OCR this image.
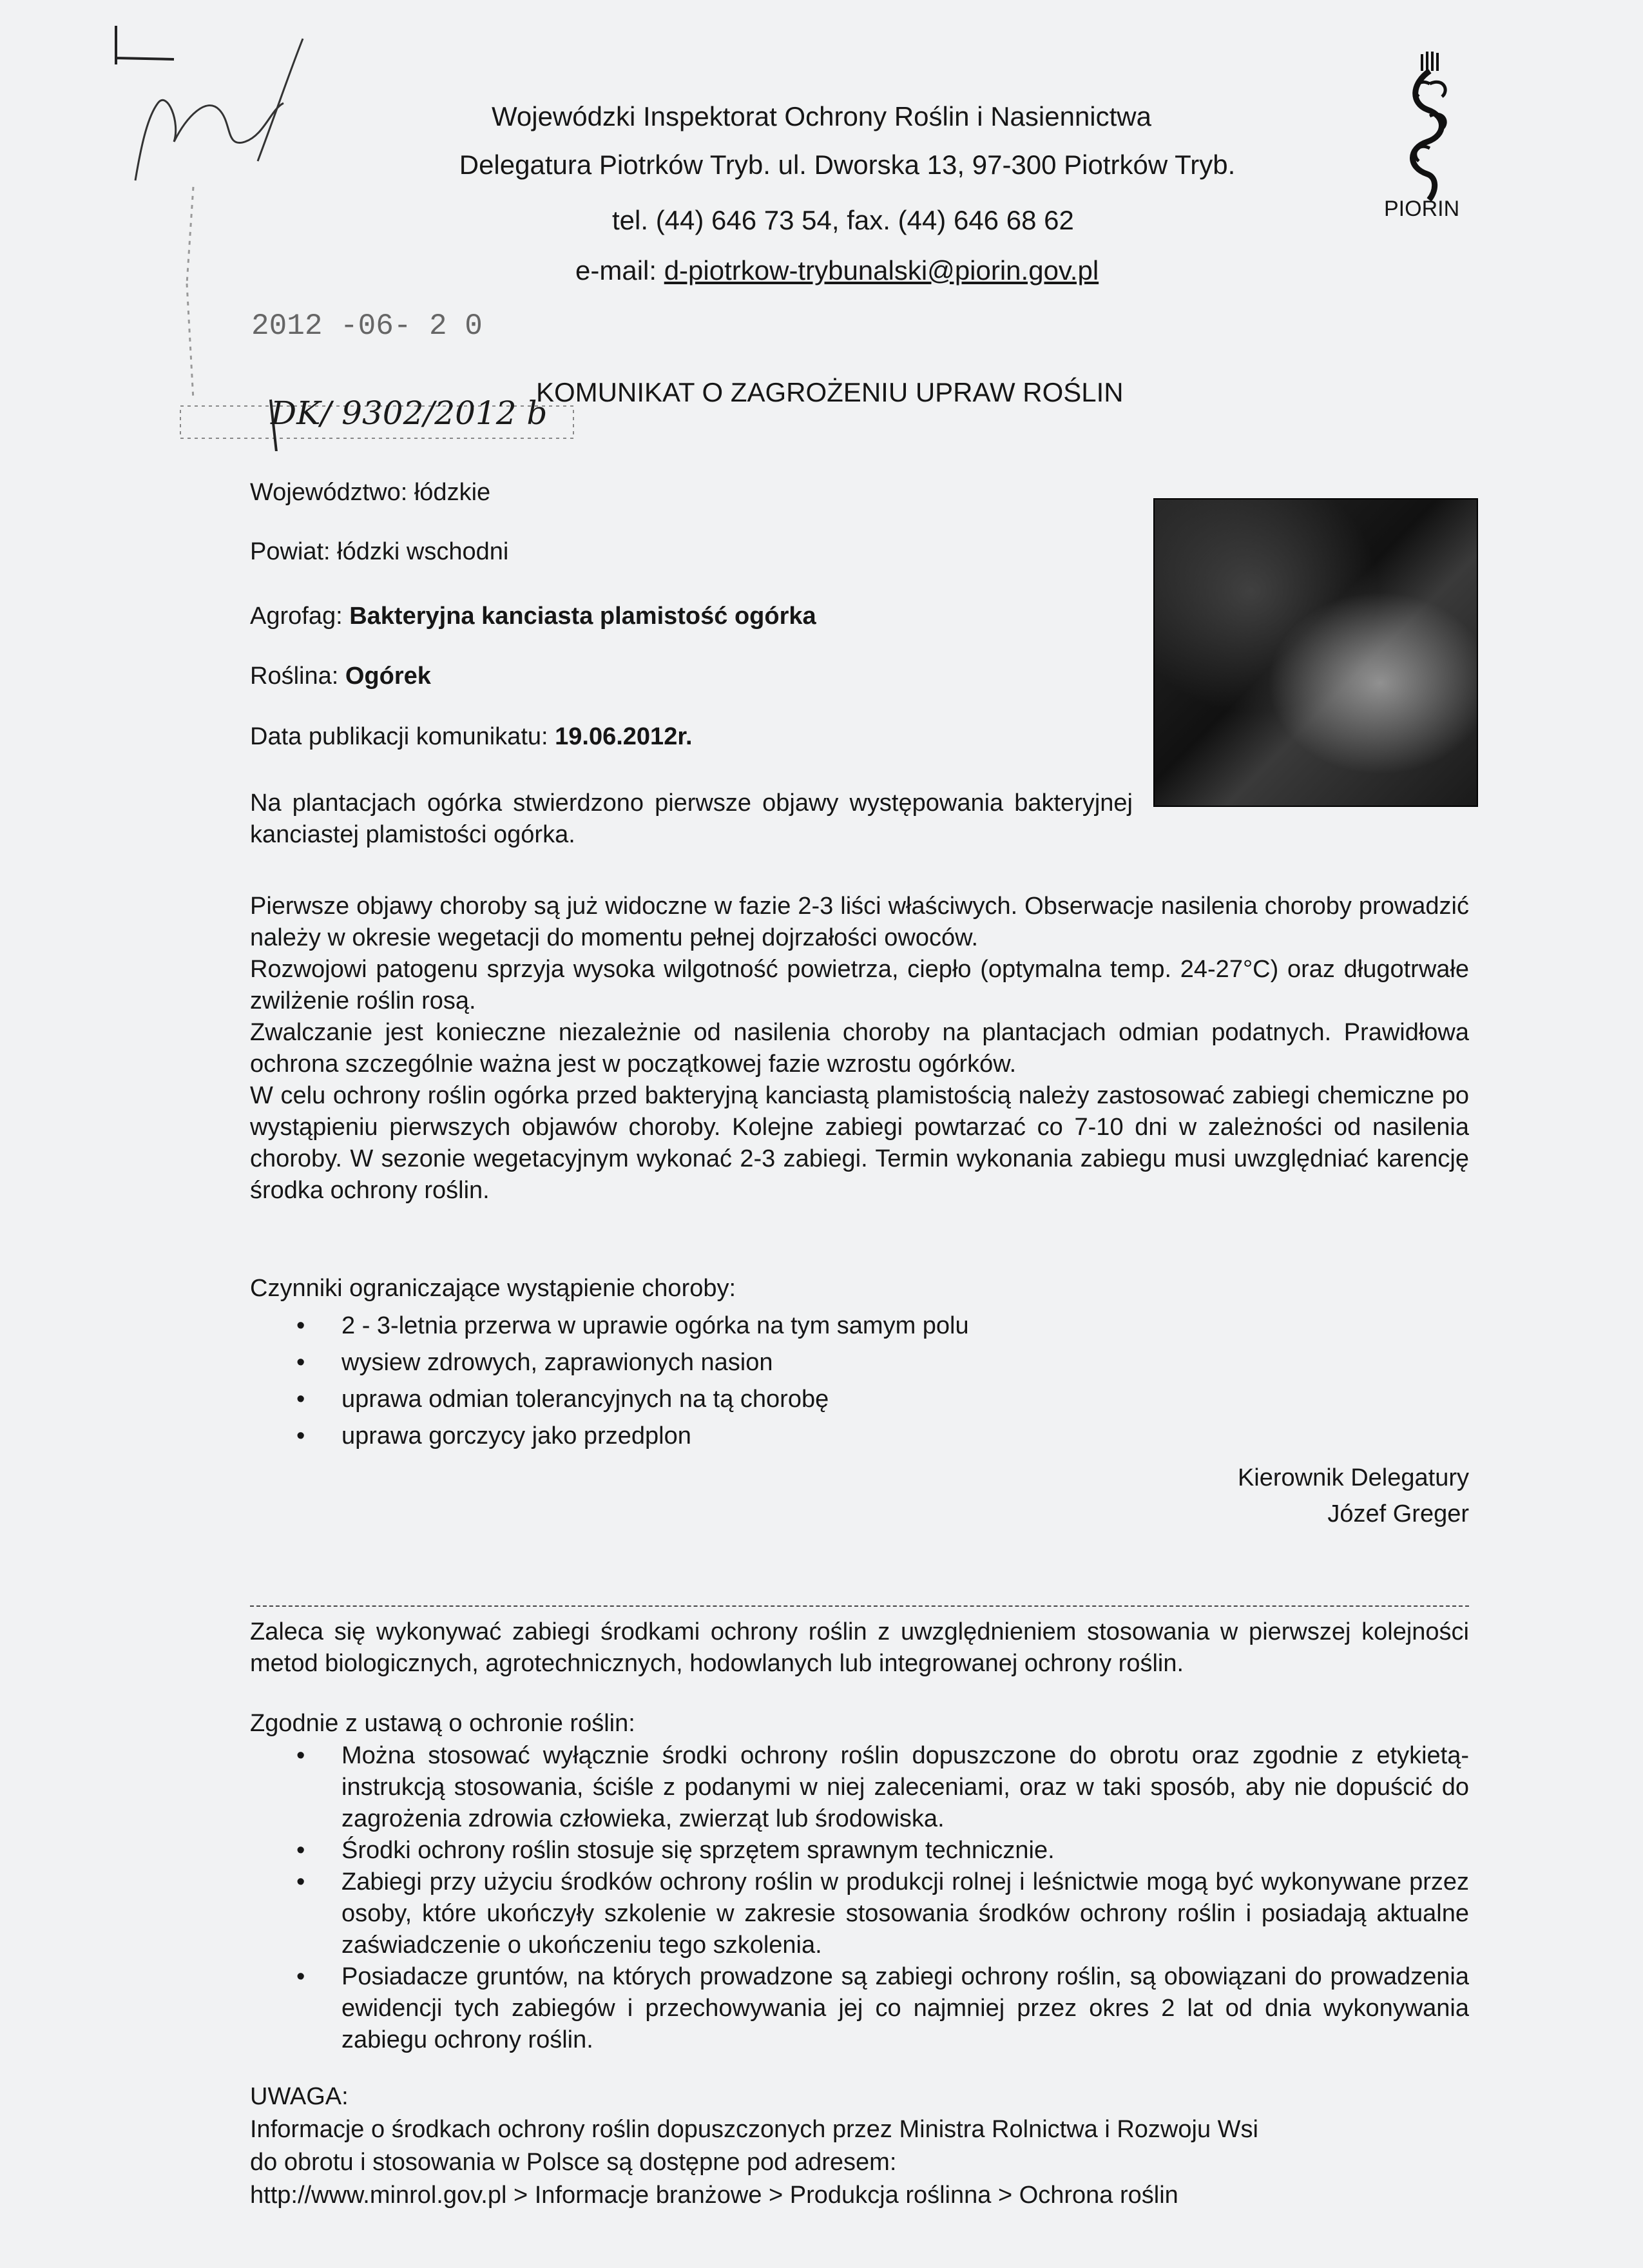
2012 -06- 2 0
DK/ 9302/2012 b
Wojewódzki Inspektorat Ochrony Roślin i Nasiennictwa
Delegatura Piotrków Tryb. ul. Dworska 13, 97-300 Piotrków Tryb.
tel. (44) 646 73 54, fax. (44) 646 68 62
e-mail: d-piotrkow-trybunalski@piorin.gov.pl
PIORIN
KOMUNIKAT O ZAGROŻENIU UPRAW ROŚLIN
Województwo: łódzkie
Powiat: łódzki wschodni
Agrofag: Bakteryjna kanciasta plamistość ogórka
Roślina: Ogórek
Data publikacji komunikatu: 19.06.2012r.
Na plantacjach ogórka stwierdzono pierwsze objawy występowania bakteryjnej kanciastej plamistości ogórka.

Pierwsze objawy choroby są już widoczne w fazie 2-3 liści właściwych. Obserwacje nasilenia choroby prowadzić należy w okresie wegetacji do momentu pełnej dojrzałości owoców.

Rozwojowi patogenu sprzyja wysoka wilgotność powietrza, ciepło (optymalna temp. 24-27°C) oraz długotrwałe zwilżenie roślin rosą.

Zwalczanie jest konieczne niezależnie od nasilenia choroby na plantacjach odmian podatnych. Prawidłowa ochrona szczególnie ważna jest w początkowej fazie wzrostu ogórków.

W celu ochrony roślin ogórka przed bakteryjną kanciastą plamistością należy zastosować zabiegi chemiczne po wystąpieniu pierwszych objawów choroby. Kolejne zabiegi powtarzać co 7-10 dni w zależności od nasilenia choroby. W sezonie wegetacyjnym wykonać 2-3 zabiegi. Termin wykonania zabiegu musi uwzględniać karencję środka ochrony roślin.

Czynniki ograniczające wystąpienie choroby:
• 2 - 3-letnia przerwa w uprawie ogórka na tym samym polu
• wysiew zdrowych, zaprawionych nasion
• uprawa odmian tolerancyjnych na tą chorobę
• uprawa gorczycy jako przedplon
Kierownik Delegatury
Józef Greger
Zaleca się wykonywać zabiegi środkami ochrony roślin z uwzględnieniem stosowania w pierwszej kolejności metod biologicznych, agrotechnicznych, hodowlanych lub integrowanej ochrony roślin.
Zgodnie z ustawą o ochronie roślin:
• Można stosować wyłącznie środki ochrony roślin dopuszczone do obrotu oraz zgodnie z etykietą-instrukcją stosowania, ściśle z podanymi w niej zaleceniami, oraz w taki sposób, aby nie dopuścić do zagrożenia zdrowia człowieka, zwierząt lub środowiska.
• Środki ochrony roślin stosuje się sprzętem sprawnym technicznie.
• Zabiegi przy użyciu środków ochrony roślin w produkcji rolnej i leśnictwie mogą być wykonywane przez osoby, które ukończyły szkolenie w zakresie stosowania środków ochrony roślin i posiadają aktualne zaświadczenie o ukończeniu tego szkolenia.
• Posiadacze gruntów, na których prowadzone są zabiegi ochrony roślin, są obowiązani do prowadzenia ewidencji tych zabiegów i przechowywania jej co najmniej przez okres 2 lat od dnia wykonywania zabiegu ochrony roślin.
UWAGA:
Informacje o środkach ochrony roślin dopuszczonych przez Ministra Rolnictwa i Rozwoju Wsi
do obrotu i stosowania w Polsce są dostępne pod adresem:
http://www.minrol.gov.pl > Informacje branżowe > Produkcja roślinna > Ochrona roślin
